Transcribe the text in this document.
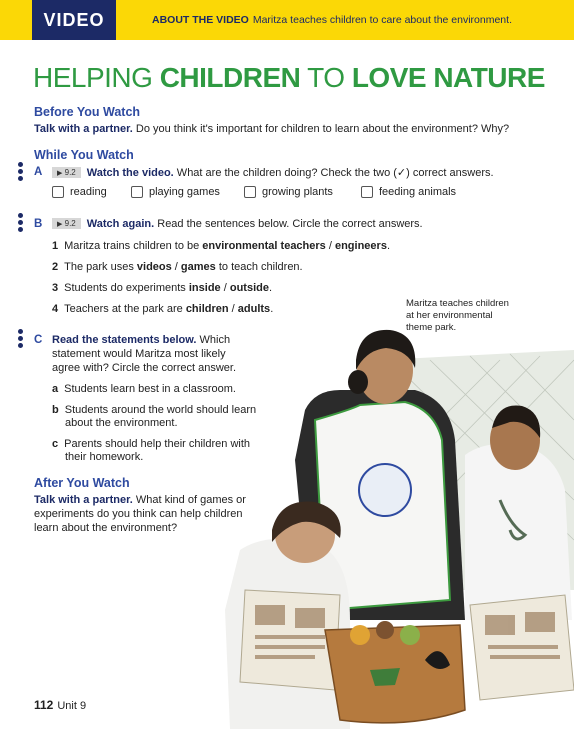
VIDEO	ABOUT THE VIDEO Maritza teaches children to care about the environment.
HELPING CHILDREN TO LOVE NATURE
Before You Watch
Talk with a partner. Do you think it's important for children to learn about the environment? Why?
While You Watch
A	▶ 9.2 Watch the video. What are the children doing? Check the two (✓) correct answers.
reading	playing games	growing plants	feeding animals
B	▶ 9.2 Watch again. Read the sentences below. Circle the correct answers.
1 Maritza trains children to be environmental teachers / engineers.
2 The park uses videos / games to teach children.
3 Students do experiments inside / outside.
4 Teachers at the park are children / adults.	Maritza teaches children
at her environmental
theme park.
C Read the statements below. Which
statement would Maritza most likely
agree with? Circle the correct answer.
a Students learn best in a classroom.
b Students around the world should learn
about the environment.
c Parents should help their children with
their homework.
After You Watch
Talk with a partner. What kind of games or
experiments do you think can help children
learn about the environment?
112 Unit 9
